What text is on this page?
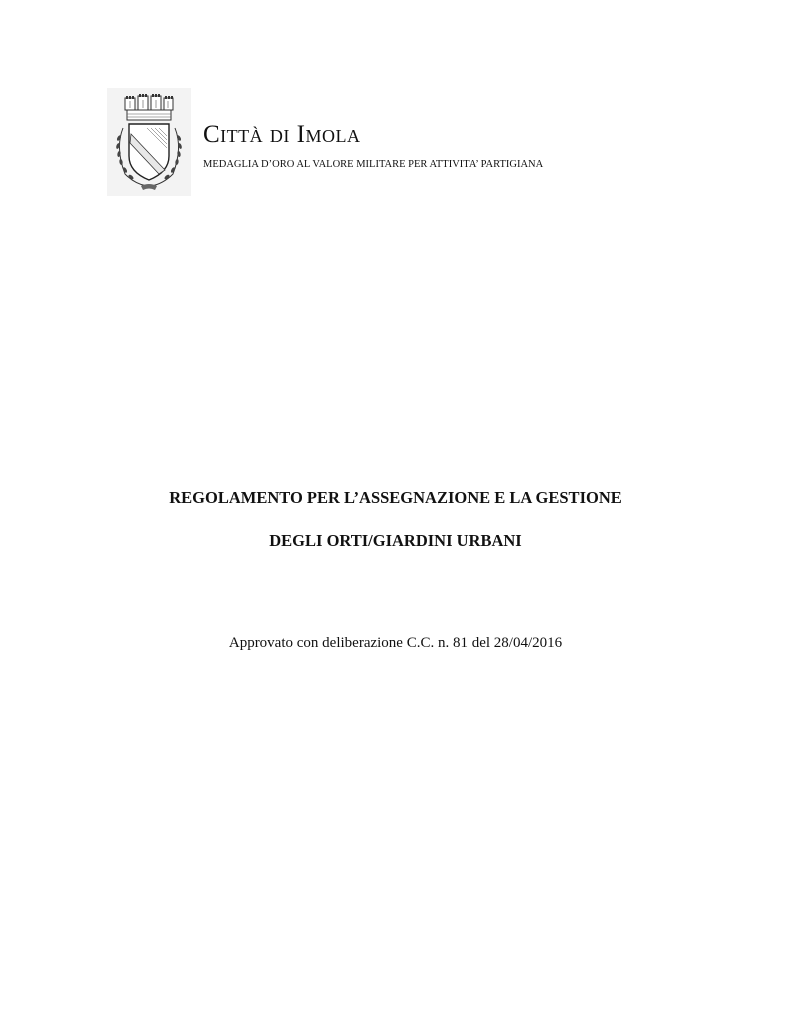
Città di Imola
MEDAGLIA D’ORO AL VALORE MILITARE PER ATTIVITA’ PARTIGIANA
REGOLAMENTO PER L’ASSEGNAZIONE E LA GESTIONE
DEGLI ORTI/GIARDINI URBANI
Approvato con deliberazione C.C. n. 81 del 28/04/2016
